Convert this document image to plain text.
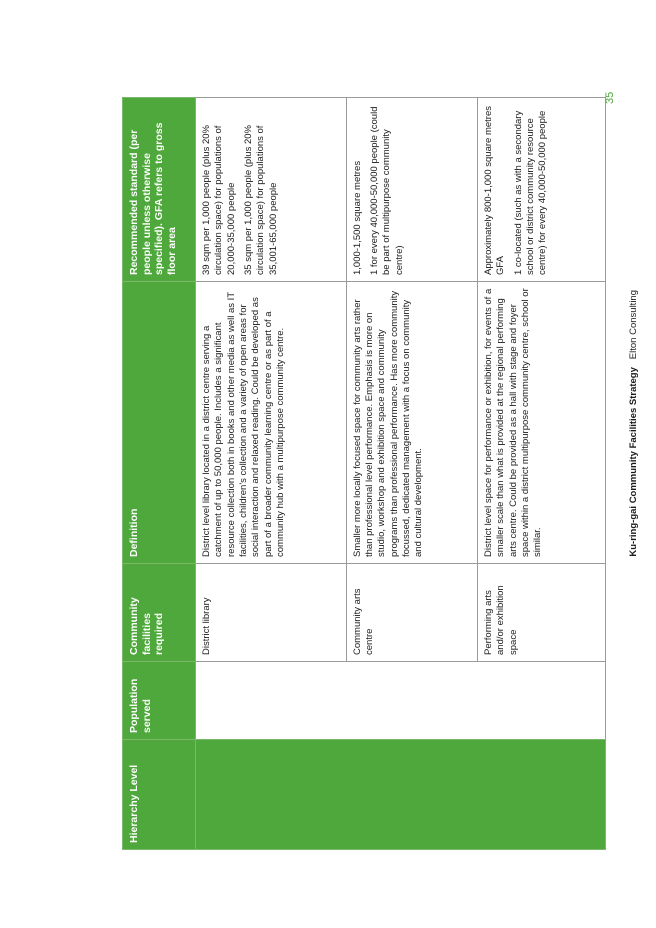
Hierarchy Level	Population served	Community facilities required	Definition	Recommended standard (per people unless otherwise specified). GFA refers to gross floor area
		District library	District level library located in a district centre serving a catchment of up to 50,000 people. Includes a significant resource collection both in books and other media as well as IT facilities, children's collection and a variety of open areas for social interaction and relaxed reading. Could be developed as part of a broader community learning centre or as part of a community hub with a multipurpose community centre.	39 sqm per 1,000 people (plus 20% circulation space) for populations of 20,000-35,000 people 35 sqm per 1,000 people (plus 20% circulation space) for populations of 35,001-65,000 people

		Community arts centre	Smaller more locally focused space for community arts rather than professional level performance. Emphasis is more on studio, workshop and exhibition space and community programs than professional performance. Has more community focussed, dedicated management with a focus on community and cultural development.	1,000-1,500 square metres 1 for every 40,000-50,000 people (could be part of multipurpose community centre)

		Performing arts and/or exhibition space	District level space for performance or exhibition, for events of a smaller scale than what is provided at the regional performing arts centre. Could be provided as a hall with stage and foyer space within a district multipurpose community centre, school or similar.	Approximately 800-1,000 square metres GFA 1 co-located (such as with a secondary school or district community resource centre) for every 40,000-50,000 people

Ku-ring-gai Community Facilities Strategy   Elton Consulting
35
